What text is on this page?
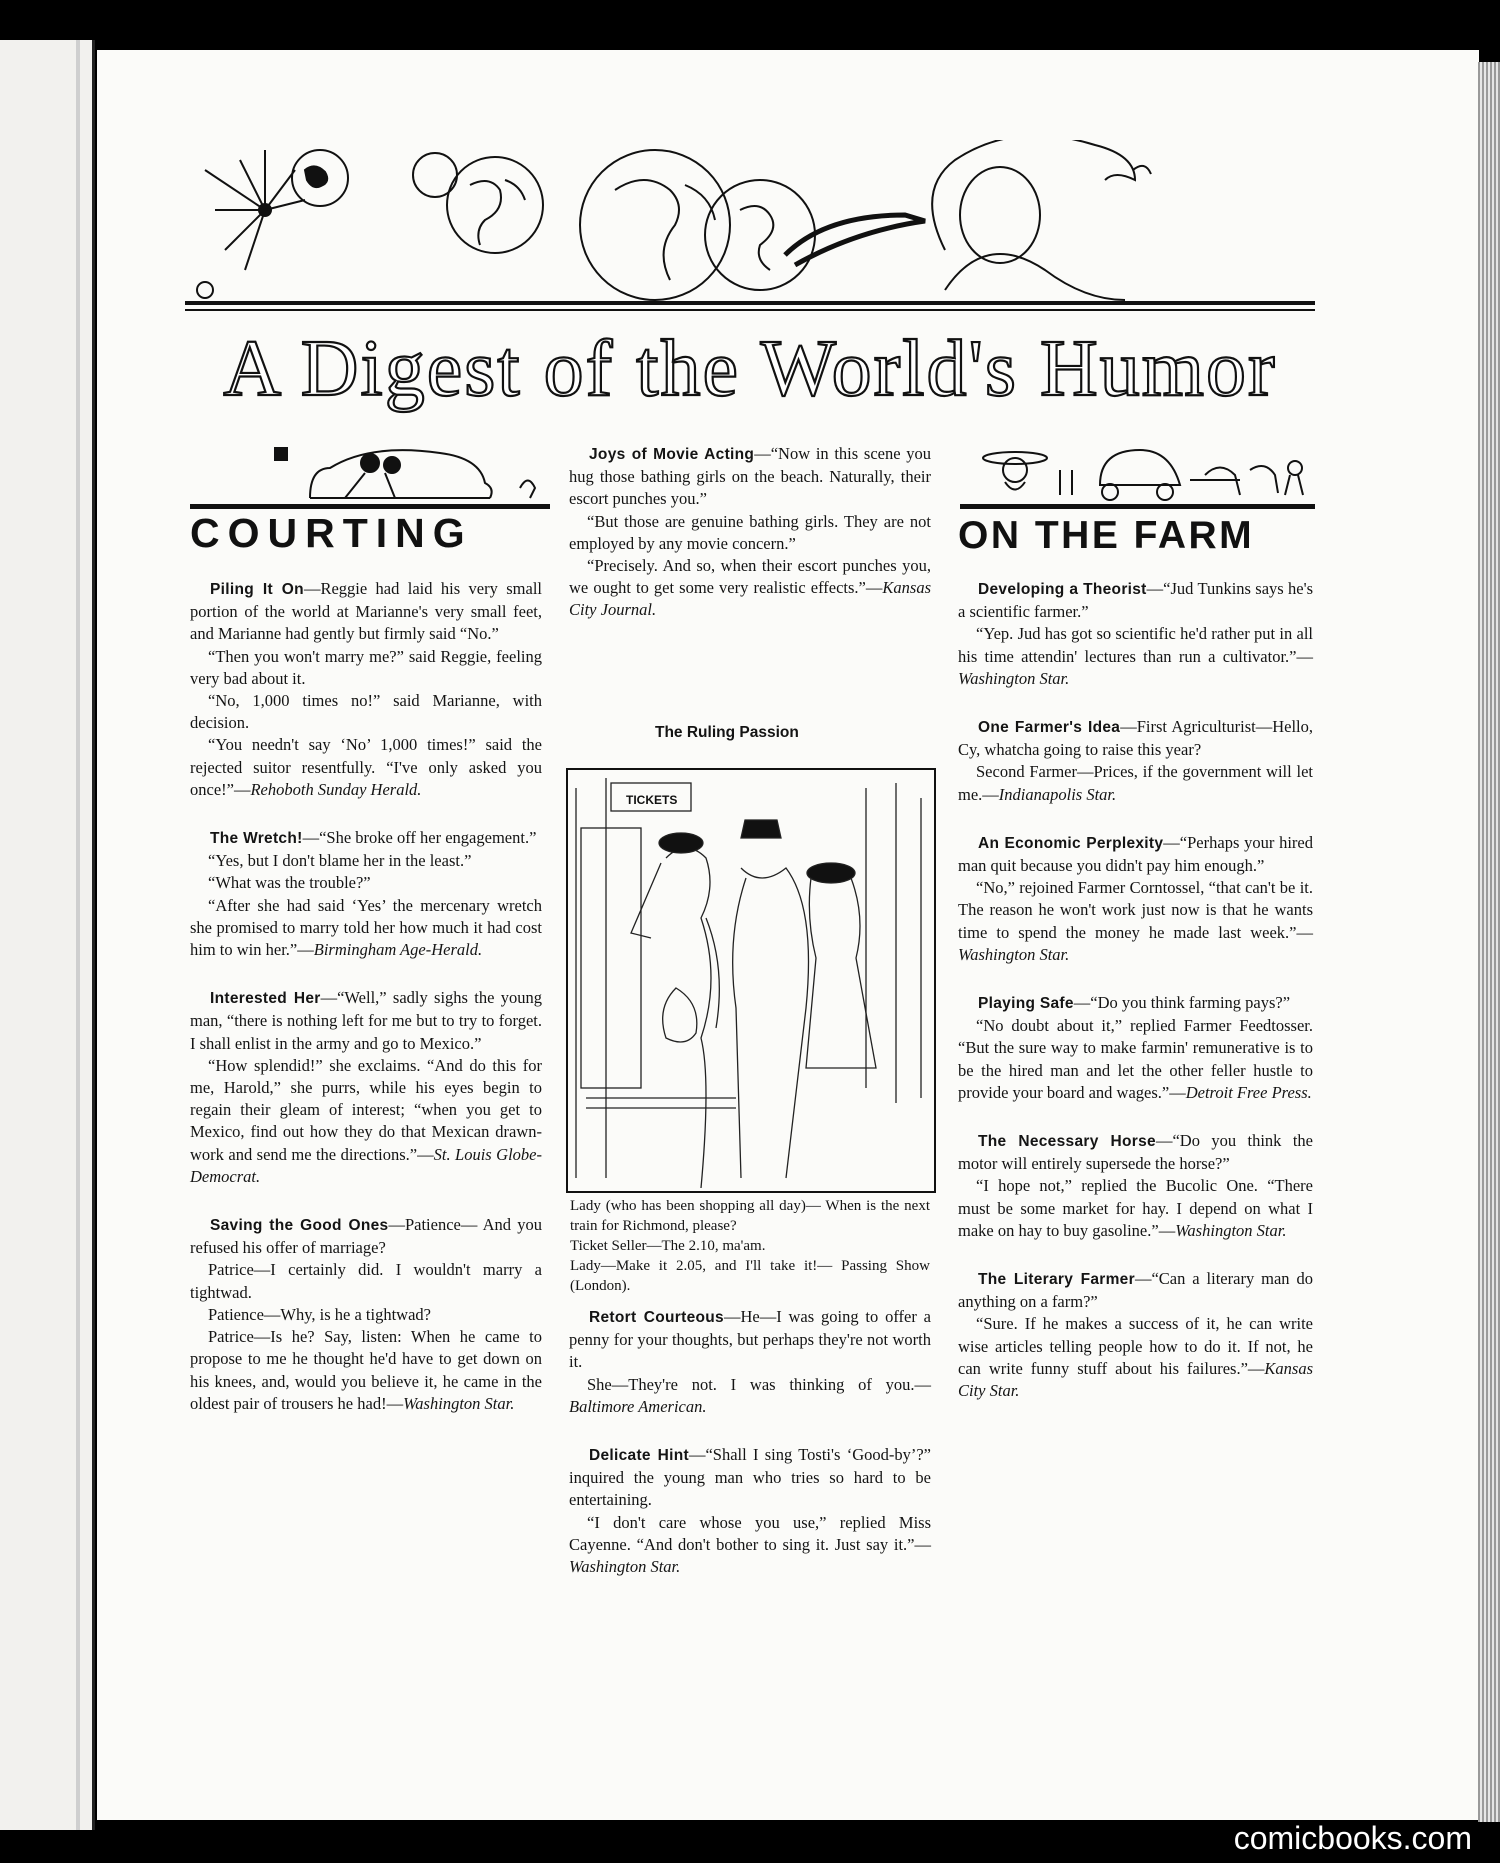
A Digest of the World's Humor
COURTING	ON THE FARM

Piling It On—Reggie had laid his very small portion of the world at Marianne's very small feet, and Marianne had gently but firmly said “No.”

“Then you won't marry me?” said Reggie, feeling very bad about it.

“No, 1,000 times no!” said Marianne, with decision.

“You needn't say ‘No’ 1,000 times!” said the rejected suitor resentfully. “I've only asked you once!”—Rehoboth Sunday Herald.

The Wretch!—“She broke off her engagement.”

“Yes, but I don't blame her in the least.”

“What was the trouble?”

“After she had said ‘Yes’ the mercenary wretch she promised to marry told her how much it had cost him to win her.”—Birmingham Age-Herald.

Interested Her—“Well,” sadly sighs the young man, “there is nothing left for me but to try to forget. I shall enlist in the army and go to Mexico.”

“How splendid!” she exclaims. “And do this for me, Harold,” she purrs, while his eyes begin to regain their gleam of interest; “when you get to Mexico, find out how they do that Mexican drawn-work and send me the directions.”—St. Louis Globe-Democrat.

Saving the Good Ones—Patience— And you refused his offer of marriage?

Patrice—I certainly did. I wouldn't marry a tightwad.

Patience—Why, is he a tightwad?

Patrice—Is he? Say, listen: When he came to propose to me he thought he'd have to get down on his knees, and, would you believe it, he came in the oldest pair of trousers he had!—Washington Star.

Joys of Movie Acting—“Now in this scene you hug those bathing girls on the beach. Naturally, their escort punches you.”

“But those are genuine bathing girls. They are not employed by any movie concern.”

“Precisely. And so, when their escort punches you, we ought to get some very realistic effects.”—Kansas City Journal.

The Ruling Passion
TICKETS

Lady (who has been shopping all day)— When is the next train for Richmond, please?

Ticket Seller—The 2.10, ma'am.

Lady—Make it 2.05, and I'll take it!— Passing Show (London).

Retort Courteous—He—I was going to offer a penny for your thoughts, but perhaps they're not worth it.

She—They're not. I was thinking of you.—Baltimore American.

Delicate Hint—“Shall I sing Tosti's ‘Good-by’?” inquired the young man who tries so hard to be entertaining.

“I don't care whose you use,” replied Miss Cayenne. “And don't bother to sing it. Just say it.”—Washington Star.

Developing a Theorist—“Jud Tunkins says he's a scientific farmer.”

“Yep. Jud has got so scientific he'd rather put in all his time attendin' lectures than run a cultivator.”—Washington Star.

One Farmer's Idea—First Agriculturist—Hello, Cy, whatcha going to raise this year?

Second Farmer—Prices, if the government will let me.—Indianapolis Star.

An Economic Perplexity—“Perhaps your hired man quit because you didn't pay him enough.”

“No,” rejoined Farmer Corntossel, “that can't be it. The reason he won't work just now is that he wants time to spend the money he made last week.”—Washington Star.

Playing Safe—“Do you think farming pays?”

“No doubt about it,” replied Farmer Feedtosser. “But the sure way to make farmin' remunerative is to be the hired man and let the other feller hustle to provide your board and wages.”—Detroit Free Press.

The Necessary Horse—“Do you think the motor will entirely supersede the horse?”

“I hope not,” replied the Bucolic One. “There must be some market for hay. I depend on what I make on hay to buy gasoline.”—Washington Star.

The Literary Farmer—“Can a literary man do anything on a farm?”

“Sure. If he makes a success of it, he can write wise articles telling people how to do it. If not, he can write funny stuff about his failures.”—Kansas City Star.

comicbooks.com
